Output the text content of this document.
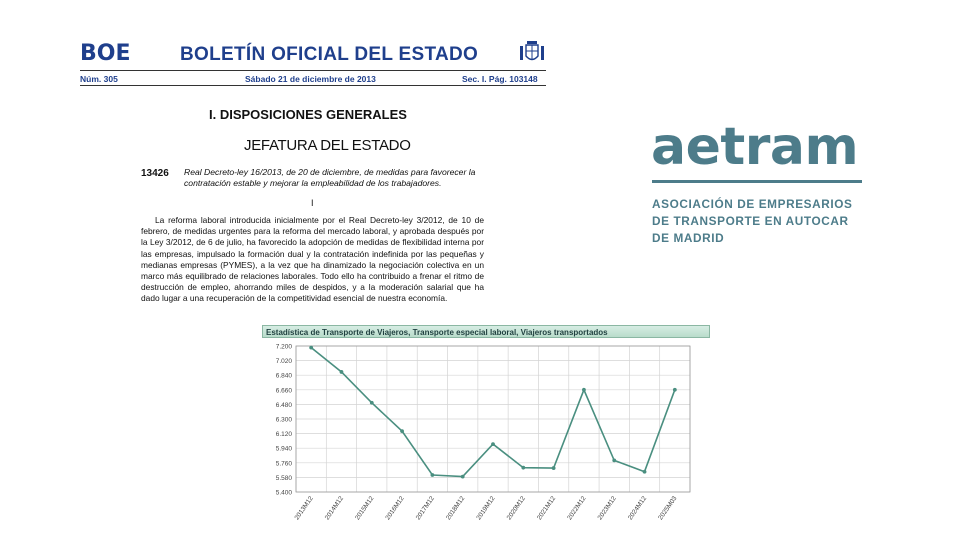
BOE	BOLETÍN OFICIAL DEL ESTADO
Núm. 305	Sábado 21 de diciembre de 2013	Sec. I. Pág. 103148
I. DISPOSICIONES GENERALES
JEFATURA DEL ESTADO
13426 Real Decreto-ley 16/2013, de 20 de diciembre, de medidas para favorecer la contratación estable y mejorar la empleabilidad de los trabajadores.
I
La reforma laboral introducida inicialmente por el Real Decreto-ley 3/2012, de 10 de febrero, de medidas urgentes para la reforma del mercado laboral, y aprobada después por la Ley 3/2012, de 6 de julio, ha favorecido la adopción de medidas de flexibilidad interna por las empresas, impulsado la formación dual y la contratación indefinida por las pequeñas y medianas empresas (PYMES), a la vez que ha dinamizado la negociación colectiva en un marco más equilibrado de relaciones laborales. Todo ello ha contribuido a frenar el ritmo de destrucción de empleo, ahorrando miles de despidos, y a la moderación salarial que ha dado lugar a una recuperación de la competitividad esencial de nuestra economía.
aetram
ASOCIACIÓN DE EMPRESARIOS
DE TRANSPORTE EN AUTOCAR
DE MADRID
Estadística de Transporte de Viajeros, Transporte especial laboral, Viajeros transportados
7.200
7.020
6.840
6.660
6.480
6.300
6.120
5.940
5.760
5.580
5.400
2013M12 2014M12 2015M12 2016M12 2017M12 2018M12 2019M12 2020M12 2021M12 2022M12 2023M12 2024M12 2025M03
